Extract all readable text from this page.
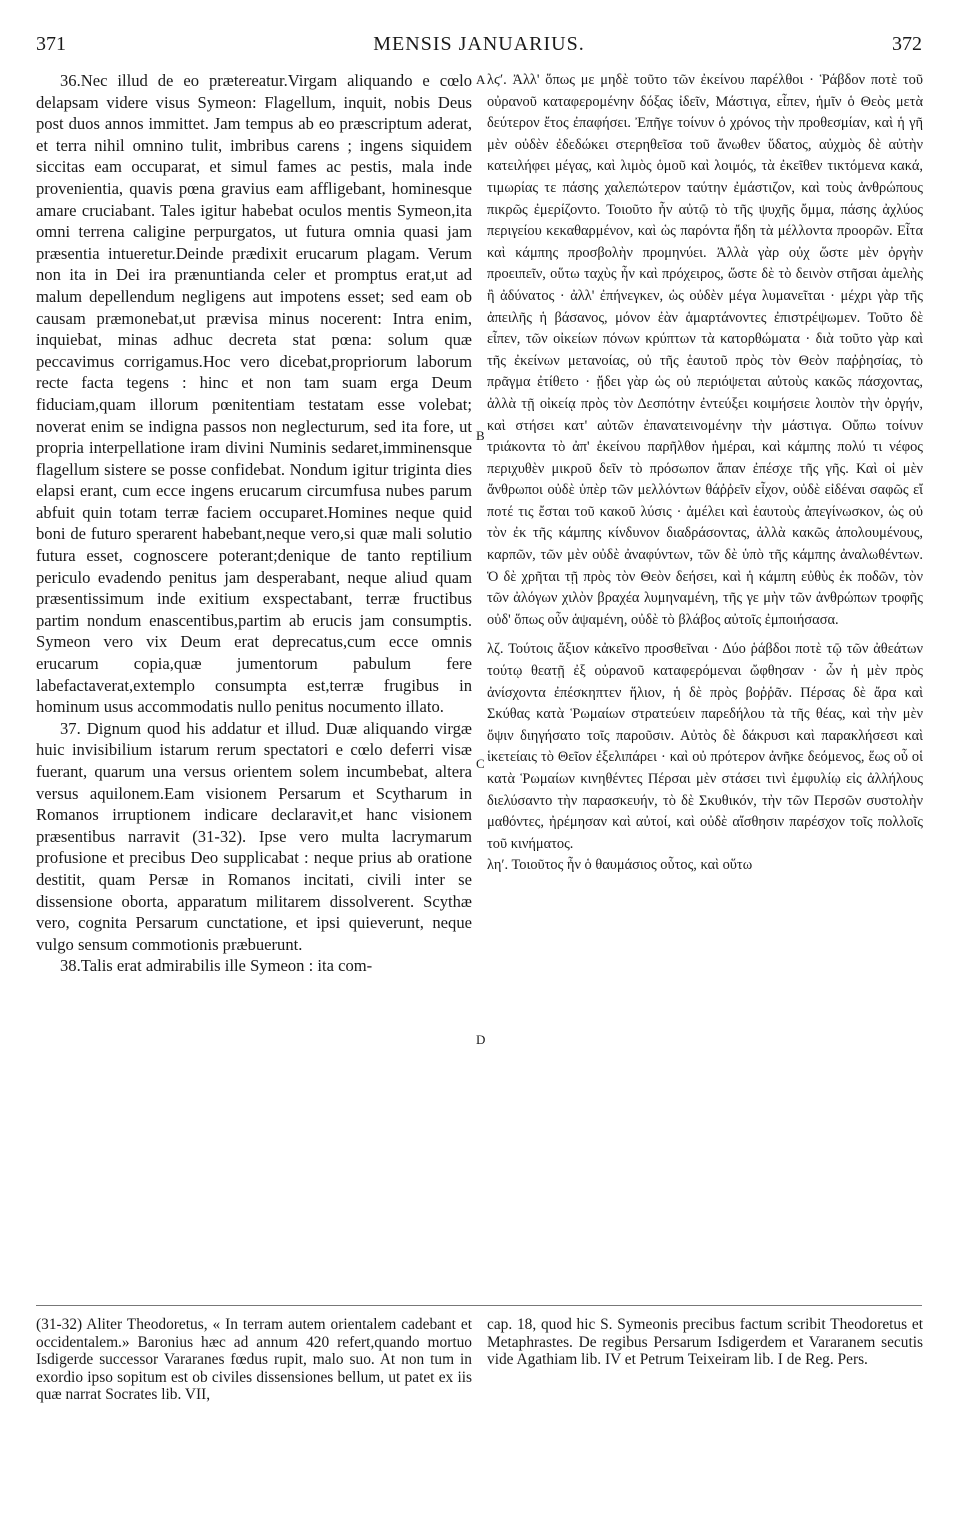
371	MENSIS JANUARIUS.	372
A
B
C
D

36.Nec illud de eo prætereatur.Virgam aliquando e cœlo delapsam videre visus Symeon: Flagellum, inquit, nobis Deus post duos annos immittet. Jam tempus ab eo præscriptum aderat, et terra nihil omnino tulit, imbribus carens ; ingens siquidem siccitas eam occuparat, et simul fames ac pestis, mala inde provenientia, quavis pœna gravius eam affligebant, hominesque amare cruciabant. Tales igitur habebat oculos mentis Symeon,ita omni terrena caligine perpurgatos, ut futura omnia quasi jam præsentia intueretur.Deinde prædixit erucarum plagam. Verum non ita in Dei ira prænuntianda celer et promptus erat,ut ad malum depellendum negligens aut impotens esset; sed eam ob causam præmonebat,ut prævisa minus nocerent: Intra enim, inquiebat, minas adhuc decreta stat pœna: solum quæ peccavimus corrigamus.Hoc vero dicebat,propriorum laborum recte facta tegens : hinc et non tam suam erga Deum fiduciam,quam illorum pœnitentiam testatam esse volebat; noverat enim se indigna passos non neglecturum, sed ita fore, ut propria interpellatione iram divini Numinis sedaret,imminensque flagellum sistere se posse confidebat. Nondum igitur triginta dies elapsi erant, cum ecce ingens erucarum circumfusa nubes parum abfuit quin totam terræ faciem occuparet.Homines neque quid boni de futuro sperarent habebant,neque vero,si quæ mali solutio futura esset, cognoscere poterant;denique de tanto reptilium periculo evadendo penitus jam desperabant, neque aliud quam præsentissimum inde exitium exspectabant, terræ fructibus partim nondum enascentibus,partim ab erucis jam consumptis. Symeon vero vix Deum erat deprecatus,cum ecce omnis erucarum copia,quæ jumentorum pabulum fere labefactaverat,extemplo consumpta est,terræ frugibus in hominum usus accommodatis nullo penitus nocumento illato.

37. Dignum quod his addatur et illud. Duæ aliquando virgæ huic invisibilium istarum rerum spectatori e cœlo deferri visæ fuerant, quarum una versus orientem solem incumbebat, altera versus aquilonem.Eam visionem Persarum et Scytharum in Romanos irruptionem indicare declaravit,et hanc visionem præsentibus narravit (31-32). Ipse vero multa lacrymarum profusione et precibus Deo supplicabat : neque prius ab oratione destitit, quam Persæ in Romanos incitati, civili inter se dissensione oborta, apparatum militarem dissolverent. Scythæ vero, cognita Persarum cunctatione, et ipsi quieverunt, neque vulgo sensum commotionis præbuerunt.

38.Talis erat admirabilis ille Symeon : ita com-

λϛʹ. Ἀλλ' ὅπως με μηδὲ τοῦτο τῶν ἐκείνου παρέλθοι · Ῥάβδον ποτὲ τοῦ οὐρανοῦ καταφερομένην δόξας ἰδεῖν, Μάστιγα, εἶπεν, ἡμῖν ὁ Θεὸς μετὰ δεύτερον ἔτος ἐπαφήσει. Ἐπῆγε τοίνυν ὁ χρόνος τὴν προθεσμίαν, καὶ ἡ γῆ μὲν οὐδὲν ἐδεδώκει στερηθεῖσα τοῦ ἄνωθεν ὕδατος, αὐχμὸς δὲ αὐτὴν κατειλήφει μέγας, καὶ λιμὸς ὁμοῦ καὶ λοιμός, τὰ ἐκεῖθεν τικτόμενα κακά, τιμωρίας τε πάσης χαλεπώτερον ταύτην ἐμάστιζον, καὶ τοὺς ἀνθρώπους πικρῶς ἐμερίζοντο. Τοιοῦτο ἦν αὐτῷ τὸ τῆς ψυχῆς ὄμμα, πάσης ἀχλύος περιγείου κεκαθαρμένον, καὶ ὡς παρόντα ἤδη τὰ μέλλοντα προορῶν. Εἶτα καὶ κάμπης προσβολὴν προμηνύει. Ἀλλὰ γὰρ οὐχ ὥστε μὲν ὀργὴν προειπεῖν, οὕτω ταχὺς ἦν καὶ πρόχειρος, ὥστε δὲ τὸ δεινὸν στῆσαι ἀμελὴς ἢ ἀδύνατος · ἀλλ' ἐπήνεγκεν, ὡς οὐδὲν μέγα λυμανεῖται · μέχρι γὰρ τῆς ἀπειλῆς ἡ βάσανος, μόνον ἐὰν ἁμαρτάνοντες ἐπιστρέψωμεν. Τοῦτο δὲ εἶπεν, τῶν οἰκείων πόνων κρύπτων τὰ κατορθώματα · διὰ τοῦτο γὰρ καὶ τῆς ἐκείνων μετανοίας, οὐ τῆς ἑαυτοῦ πρὸς τὸν Θεὸν παῤῥησίας, τὸ πρᾶγμα ἐτίθετο · ᾔδει γὰρ ὡς οὐ περιόψεται αὐτοὺς κακῶς πάσχοντας, ἀλλὰ τῇ οἰκείᾳ πρὸς τὸν Δεσπότην ἐντεύξει κοιμήσειε λοιπὸν τὴν ὀργήν, καὶ στήσει κατ' αὐτῶν ἐπανατεινομένην τὴν μάστιγα. Οὔπω τοίνυν τριάκοντα τὸ ἀπ' ἐκείνου παρῆλθον ἡμέραι, καὶ κάμπης πολύ τι νέφος περιχυθὲν μικροῦ δεῖν τὸ πρόσωπον ἅπαν ἐπέσχε τῆς γῆς. Καὶ οἱ μὲν ἄνθρωποι οὐδὲ ὑπὲρ τῶν μελλόντων θάῤῥεῖν εἶχον, οὐδὲ εἰδέναι σαφῶς εἴ ποτέ τις ἔσται τοῦ κακοῦ λύσις · ἀμέλει καὶ ἑαυτοὺς ἀπεγίνωσκον, ὡς οὐ τὸν ἐκ τῆς κάμπης κίνδυνον διαδράσοντας, ἀλλὰ κακῶς ἀπολουμένους, καρπῶν, τῶν μὲν οὐδὲ ἀναφύντων, τῶν δὲ ὑπὸ τῆς κάμπης ἀναλωθέντων. Ὁ δὲ χρῆται τῇ πρὸς τὸν Θεὸν δεήσει, καὶ ἡ κάμπη εὐθὺς ἐκ ποδῶν, τὸν τῶν ἀλόγων χιλὸν βραχέα λυμηναμένη, τῆς γε μὴν τῶν ἀνθρώπων τροφῆς οὐδ' ὅπως οὖν ἁψαμένη, οὐδὲ τὸ βλάβος αὐτοῖς ἐμποιήσασα.

λζ. Τούτοις ἄξιον κἀκεῖνο προσθεῖναι · Δύο ῥάβδοι ποτὲ τῷ τῶν ἀθεάτων τούτῳ θεατῇ ἐξ οὐρανοῦ καταφερόμεναι ὤφθησαν · ὧν ἡ μὲν πρὸς ἀνίσχοντα ἐπέσκηπτεν ἥλιον, ἡ δὲ πρὸς βοῤῥᾶν. Πέρσας δὲ ἄρα καὶ Σκύθας κατὰ Ῥωμαίων στρατεύειν παρεδήλου τὰ τῆς θέας, καὶ τὴν μὲν ὄψιν διηγήσατο τοῖς παροῦσιν. Αὐτὸς δὲ δάκρυσι καὶ παρακλήσεσι καὶ ἱκετείαις τὸ Θεῖον ἐξελιπάρει · καὶ οὐ πρότερον ἀνῆκε δεόμενος, ἕως οὗ οἱ κατὰ Ῥωμαίων κινηθέντες Πέρσαι μὲν στάσει τινὶ ἐμφυλίῳ εἰς ἀλλήλους διελύσαντο τὴν παρασκευήν, τὸ δὲ Σκυθικόν, τὴν τῶν Περσῶν συστολὴν μαθόντες, ἠρέμησαν καὶ αὐτοί, καὶ οὐδὲ αἴσθησιν παρέσχον τοῖς πολλοῖς τοῦ κινήματος.

ληʹ. Τοιοῦτος ἦν ὁ θαυμάσιος οὗτος, καὶ οὕτω

(31-32) Aliter Theodoretus, « In terram autem orientalem cadebant et occidentalem.» Baronius hæc ad annum 420 refert,quando mortuo Isdigerde successor Vararanes fœdus rupit, malo suo. At non tum in exordio ipso sopitum est ob civiles dissensiones bellum, ut patet ex iis quæ narrat Socrates lib. VII,

cap. 18, quod hic S. Symeonis precibus factum scribit Theodoretus et Metaphrastes. De regibus Persarum Isdigerdem et Vararanem secutis vide Agathiam lib. IV et Petrum Teixeiram lib. I de Reg. Pers.
